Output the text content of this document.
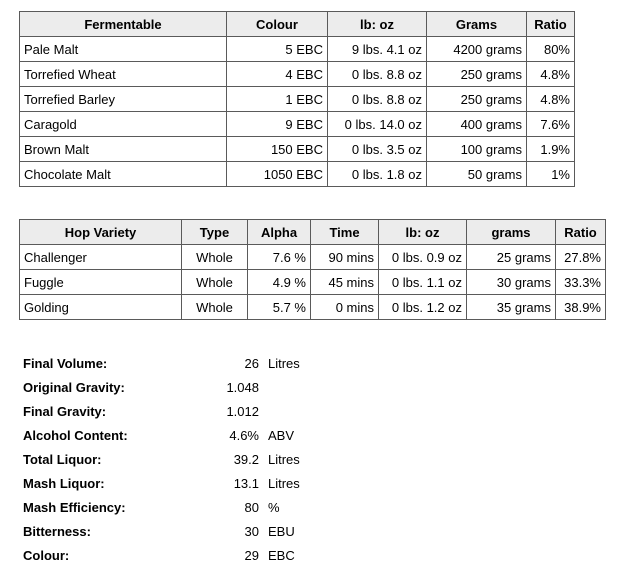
Fermentable	Colour	lb: oz	Grams	Ratio
Pale Malt	5 EBC	9 lbs. 4.1 oz	4200 grams	80%
Torrefied Wheat	4 EBC	0 lbs. 8.8 oz	250 grams	4.8%
Torrefied Barley	1 EBC	0 lbs. 8.8 oz	250 grams	4.8%
Caragold	9 EBC	0 lbs. 14.0 oz	400 grams	7.6%
Brown Malt	150 EBC	0 lbs. 3.5 oz	100 grams	1.9%
Chocolate Malt	1050 EBC	0 lbs. 1.8 oz	50 grams	1%
Hop Variety	Type	Alpha	Time	lb: oz	grams	Ratio
Challenger	Whole	7.6 %	90 mins	0 lbs. 0.9 oz	25 grams	27.8%
Fuggle	Whole	4.9 %	45 mins	0 lbs. 1.1 oz	30 grams	33.3%
Golding	Whole	5.7 %	0 mins	0 lbs. 1.2 oz	35 grams	38.9%
Final Volume:	26 Litres
Original Gravity:	1.048
Final Gravity:	1.012
Alcohol Content:	4.6% ABV
Total Liquor:	39.2 Litres
Mash Liquor:	13.1 Litres
Mash Efficiency:	80 %
Bitterness:	30 EBU
Colour:	29 EBC
